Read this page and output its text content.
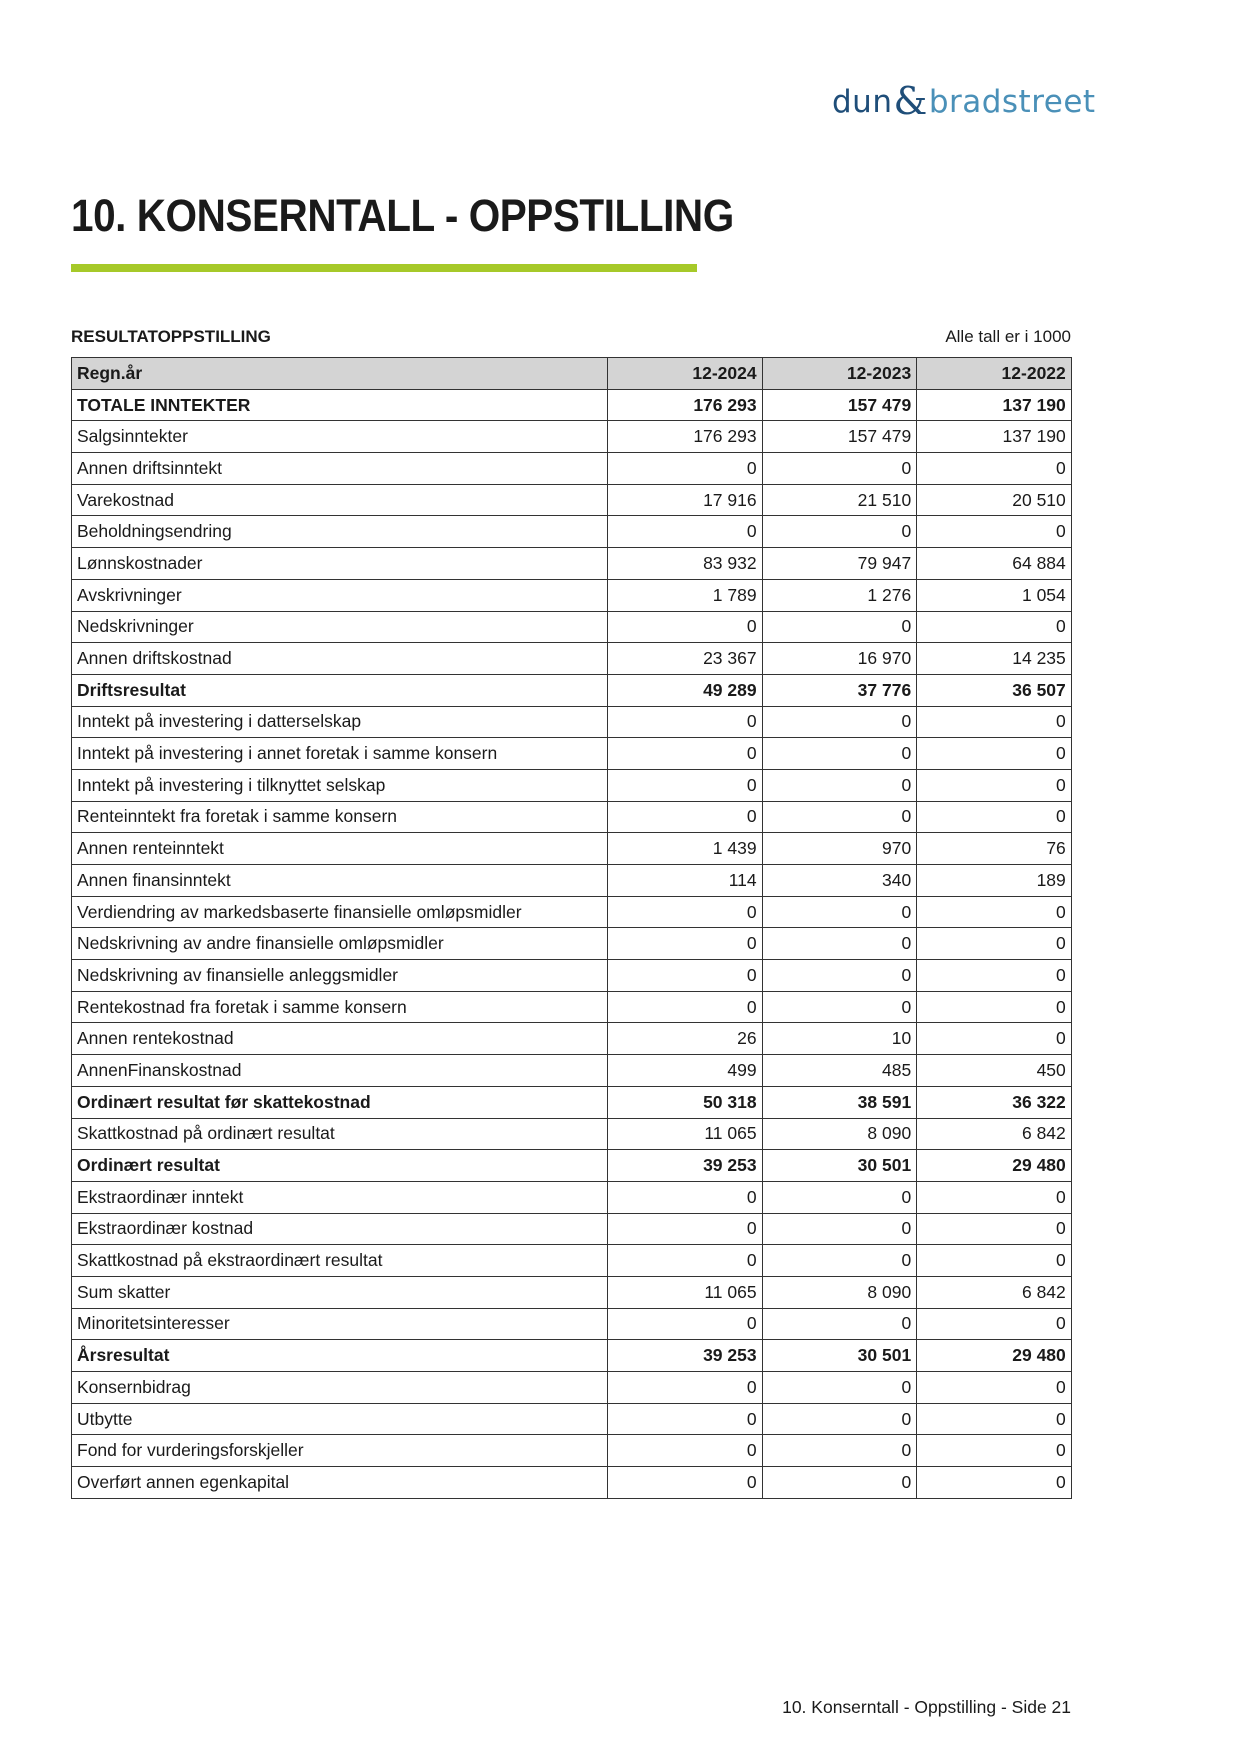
dun & bradstreet
10. KONSERNTALL - OPPSTILLING
RESULTATOPPSTILLING	Alle tall er i 1000
Regn.år	12-2024	12-2023	12-2022
TOTALE INNTEKTER	176 293	157 479	137 190
Salgsinntekter	176 293	157 479	137 190
Annen driftsinntekt	0	0	0
Varekostnad	17 916	21 510	20 510
Beholdningsendring	0	0	0
Lønnskostnader	83 932	79 947	64 884
Avskrivninger	1 789	1 276	1 054
Nedskrivninger	0	0	0
Annen driftskostnad	23 367	16 970	14 235
Driftsresultat	49 289	37 776	36 507
Inntekt på investering i datterselskap	0	0	0
Inntekt på investering i annet foretak i samme konsern	0	0	0
Inntekt på investering i tilknyttet selskap	0	0	0
Renteinntekt fra foretak i samme konsern	0	0	0
Annen renteinntekt	1 439	970	76
Annen finansinntekt	114	340	189
Verdiendring av markedsbaserte finansielle omløpsmidler	0	0	0
Nedskrivning av andre finansielle omløpsmidler	0	0	0
Nedskrivning av finansielle anleggsmidler	0	0	0
Rentekostnad fra foretak i samme konsern	0	0	0
Annen rentekostnad	26	10	0
AnnenFinanskostnad	499	485	450
Ordinært resultat før skattekostnad	50 318	38 591	36 322
Skattkostnad på ordinært resultat	11 065	8 090	6 842
Ordinært resultat	39 253	30 501	29 480
Ekstraordinær inntekt	0	0	0
Ekstraordinær kostnad	0	0	0
Skattkostnad på ekstraordinært resultat	0	0	0
Sum skatter	11 065	8 090	6 842
Minoritetsinteresser	0	0	0
Årsresultat	39 253	30 501	29 480
Konsernbidrag	0	0	0
Utbytte	0	0	0
Fond for vurderingsforskjeller	0	0	0
Overført annen egenkapital	0	0	0
10. Konserntall - Oppstilling - Side 21
